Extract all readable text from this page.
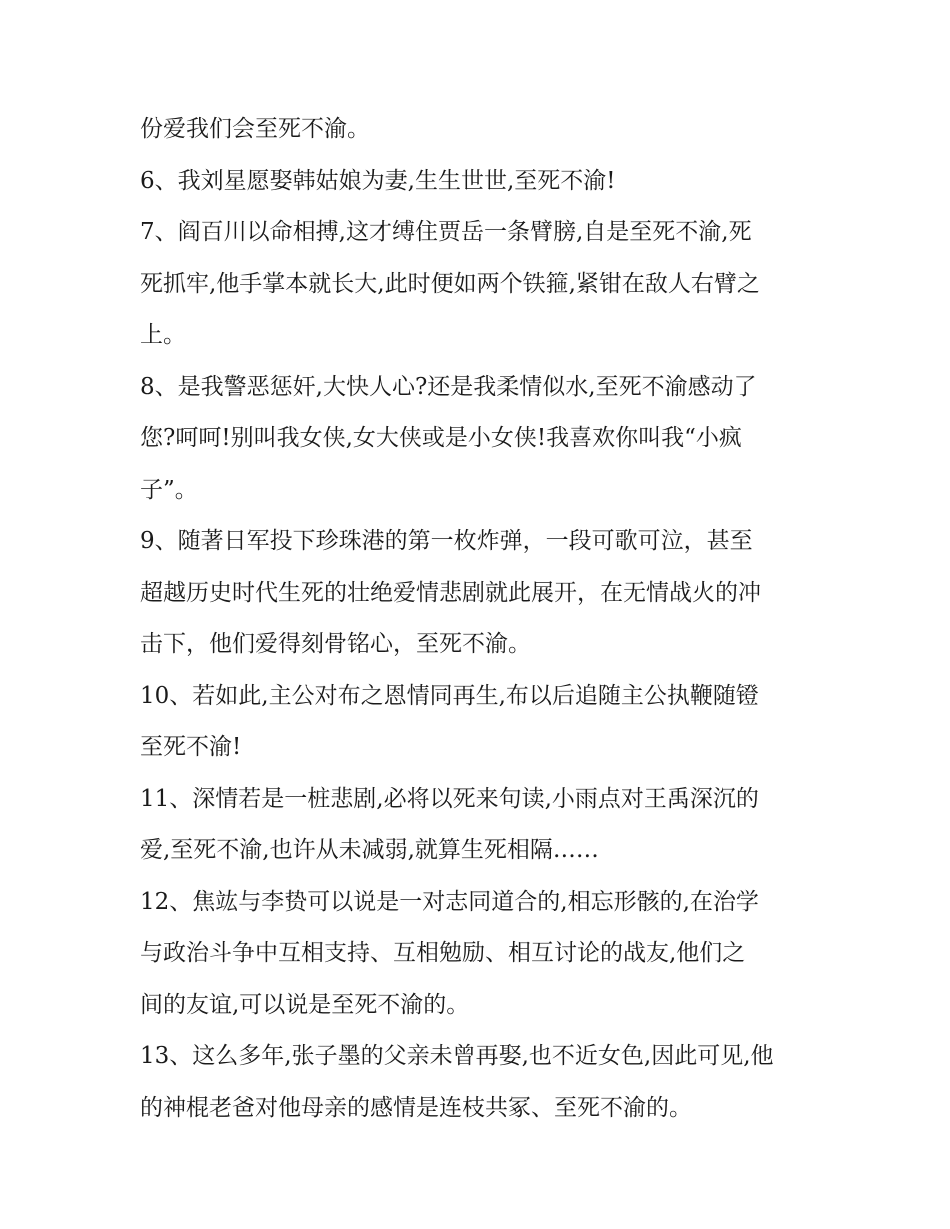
份爱我们会至死不渝。

6、我刘星愿娶韩姑娘为妻,生生世世,至死不渝!

7、阎百川以命相搏,这才缚住贾岳一条臂膀,自是至死不渝,死
死抓牢,他手掌本就长大,此时便如两个铁箍,紧钳在敌人右臂之
上。

8、是我警恶惩奸,大快人心?还是我柔情似水,至死不渝感动了
您?呵呵!别叫我女侠,女大侠或是小女侠!我喜欢你叫我“小疯
子”。

9、随著日军投下珍珠港的第一枚炸弹，一段可歌可泣，甚至
超越历史时代生死的壮绝爱情悲剧就此展开，在无情战火的冲
击下，他们爱得刻骨铭心，至死不渝。

10、若如此,主公对布之恩情同再生,布以后追随主公执鞭随镫
至死不渝!

11、深情若是一桩悲剧,必将以死来句读,小雨点对王禹深沉的
爱,至死不渝,也许从未减弱,就算生死相隔……

12、焦竑与李贽可以说是一对志同道合的,相忘形骸的,在治学
与政治斗争中互相支持、互相勉励、相互讨论的战友,他们之
间的友谊,可以说是至死不渝的。

13、这么多年,张子墨的父亲未曾再娶,也不近女色,因此可见,他
的神棍老爸对他母亲的感情是连枝共冢、至死不渝的。
